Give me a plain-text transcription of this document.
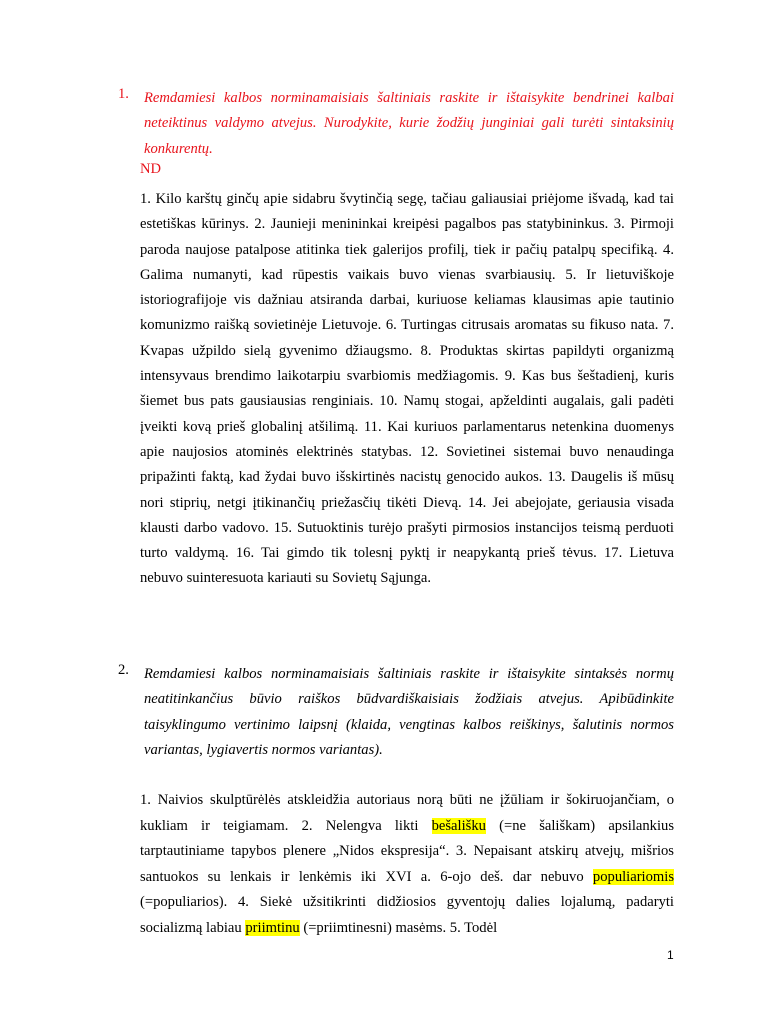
1. Remdamiesi kalbos norminamaisiais šaltiniais raskite ir ištaisykite bendrinei kalbai neteiktinus valdymo atvejus. Nurodykite, kurie žodžių junginiai gali turėti sintaksinių konkurentų.
ND
1. Kilo karštų ginčų apie sidabru švytinčią segę, tačiau galiausiai priėjome išvadą, kad tai estetiškas kūrinys. 2. Jaunieji menininkai kreipėsi pagalbos pas statybininkus. 3. Pirmoji paroda naujose patalpose atitinka tiek galerijos profilį, tiek ir pačių patalpų specifiką. 4. Galima numanyti, kad rūpestis vaikais buvo vienas svarbiausių. 5. Ir lietuviškoje istoriografijoje vis dažniau atsiranda darbai, kuriuose keliamas klausimas apie tautinio komunizmo raišką sovietinėje Lietuvoje. 6. Turtingas citrusais aromatas su fikuso nata. 7. Kvapas užpildo sielą gyvenimo džiaugsmo. 8. Produktas skirtas papildyti organizmą intensyvaus brendimo laikotarpiu svarbiomis medžiagomis. 9. Kas bus šeštadienį, kuris šiemet bus pats gausiausias renginiais. 10. Namų stogai, apželdinti augalais, gali padėti įveikti kovą prieš globalinį atšilimą. 11. Kai kuriuos parlamentarus netenkina duomenys apie naujosios atominės elektrinės statybas. 12. Sovietinei sistemai buvo nenaudinga pripažinti faktą, kad žydai buvo išskirtinės nacistų genocido aukos. 13. Daugelis iš mūsų nori stiprių, netgi įtikinančių priežasčių tikėti Dievą. 14. Jei abejojate, geriausia visada klausti darbo vadovo. 15. Sutuoktinis turėjo prašyti pirmosios instancijos teismą perduoti turto valdymą. 16. Tai gimdo tik tolesnį pyktį ir neapykantą prieš tėvus. 17. Lietuva nebuvo suinteresuota kariauti su Sovietų Sąjunga.
2. Remdamiesi kalbos norminamaisiais šaltiniais raskite ir ištaisykite sintaksės normų neatitinkančius būvio raiškos būdvardiškaisiais žodžiais atvejus. Apibūdinkite taisyklingumo vertinimo laipsnį (klaida, vengtinas kalbos reiškinys, šalutinis normos variantas, lygiavertis normos variantas).
1. Naivios skulptūrėlės atskleidžia autoriaus norą būti ne įžūliam ir šokiruojančiam, o kukliam ir teigiamam. 2. Nelengva likti bešališku (=ne šališkam) apsilankius tarptautiniame tapybos plenere „Nidos ekspresija“. 3. Nepaisant atskirų atvejų, mišrios santuokos su lenkais ir lenkėmis iki XVI a. 6-ojo deš. dar nebuvo populiariomis (=populiarios). 4. Siekė užsitikrinti didžiosios gyventojų dalies lojalumą, padaryti socializmą labiau priimtinu (=priimtinesni) masėms. 5. Todėl
1
